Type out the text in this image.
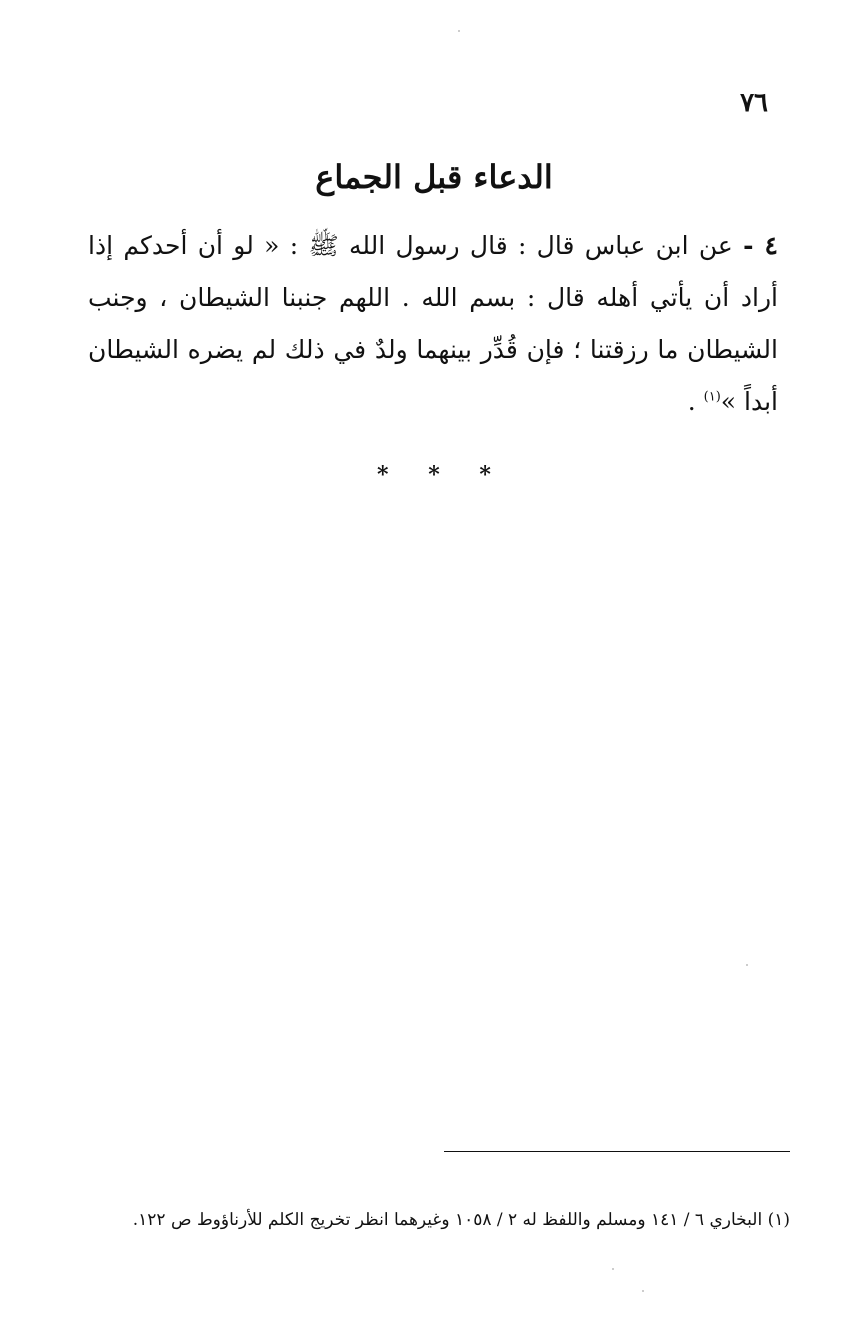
٧٦
الدعاء قبل الجماع

٤ - عن ابن عباس قال : قال رسول الله ﷺ : « لو أن أحدكم إذا أراد أن يأتي أهله قال : بسم الله . اللهم جنبنا الشيطان ، وجنب الشيطان ما رزقتنا ؛ فإن قُدِّر بينهما ولدٌ في ذلك لم يضره الشيطان أبداً »$^{(١)}$ .

* * *
(١) البخاري ٦ / ١٤١ ومسلم واللفظ له ٢ / ١٠٥٨ وغيرهما انظر تخريج الكلم للأرناؤوط ص ١٢٢.
